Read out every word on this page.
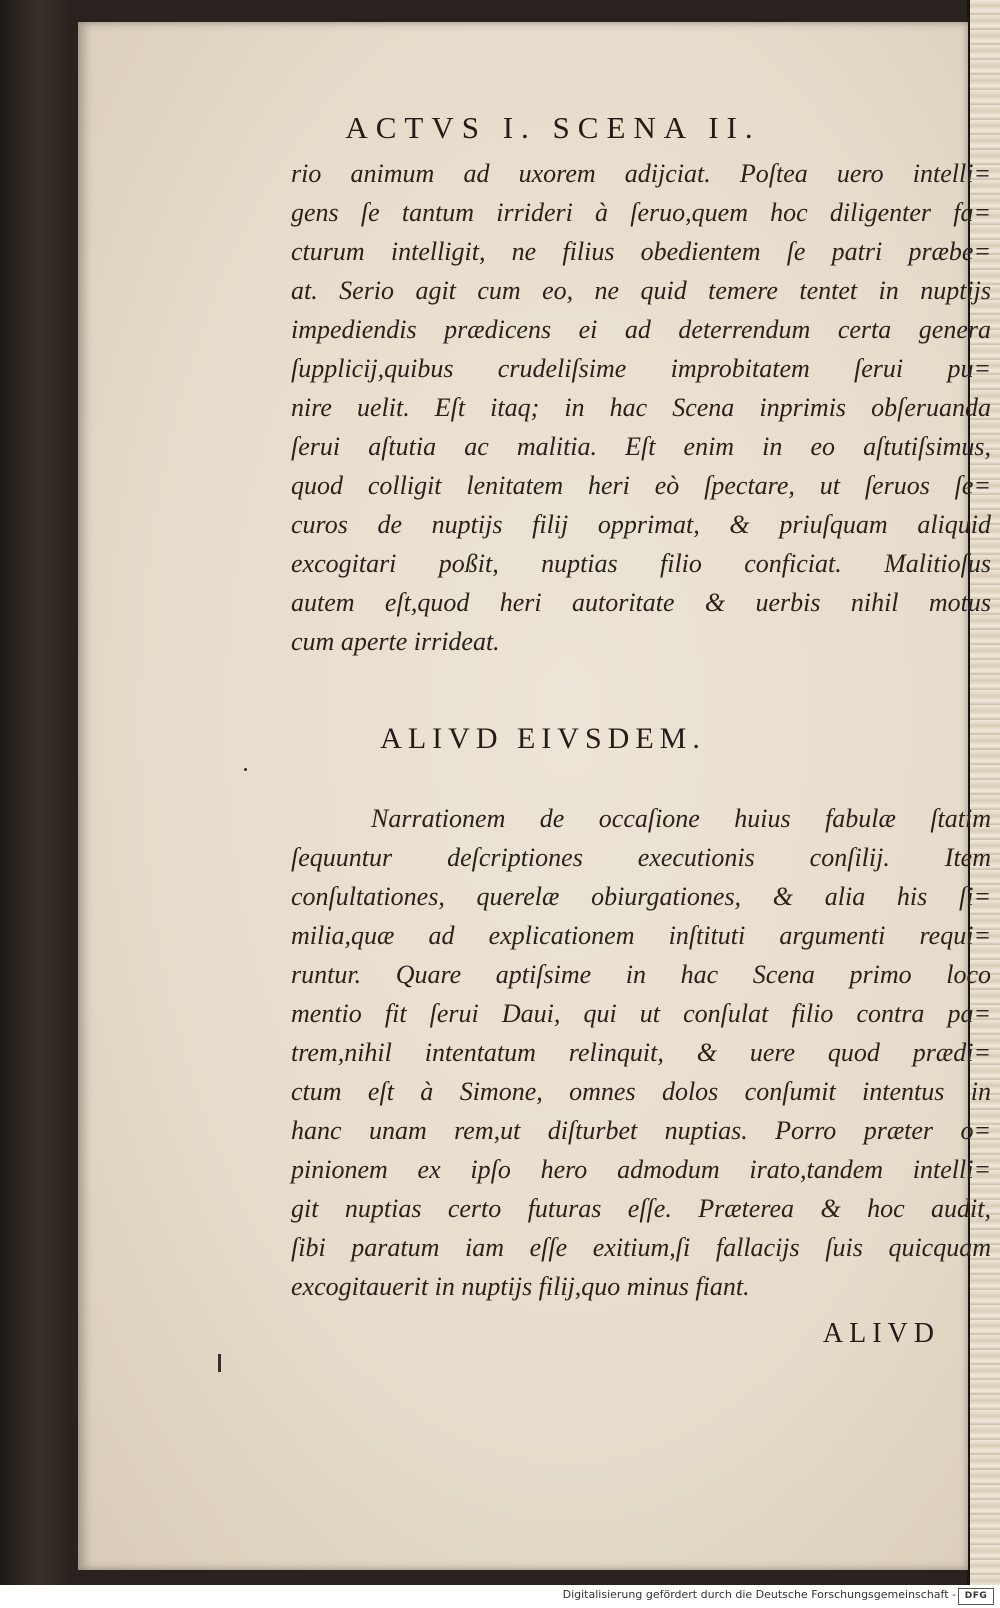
ACTVS I. SCENA II.
rio animum ad uxorem adijciat. Poſtea uero intelli=
gens ſe tantum irrideri à ſeruo,quem hoc diligenter fa=
cturum intelligit, ne filius obedientem ſe patri præbe=
at. Serio agit cum eo, ne quid temere tentet in nuptijs
impediendis prædicens ei ad deterrendum certa genera
ſupplicij,quibus crudeliſsime improbitatem ſerui pu=
nire uelit. Eſt itaq; in hac Scena inprimis obſeruanda
ſerui aſtutia ac malitia. Eſt enim in eo aſtutiſsimus,
quod colligit lenitatem heri eò ſpectare, ut ſeruos ſe=
curos de nuptijs filij opprimat, & priuſquam aliquid
excogitari poßit, nuptias filio conficiat. Malitioſus
autem eſt,quod heri autoritate & uerbis nihil motus
cum aperte irrideat.
ALIVD EIVSDEM.
Narrationem de occaſione huius fabulæ ſtatim
ſequuntur deſcriptiones executionis conſilij. Item
conſultationes, querelæ obiurgationes, & alia his ſi=
milia,quæ ad explicationem inſtituti argumenti requi=
runtur. Quare aptiſsime in hac Scena primo loco
mentio fit ſerui Daui, qui ut conſulat filio contra pa=
trem,nihil intentatum relinquit, & uere quod prædi=
ctum eſt à Simone, omnes dolos conſumit intentus in
hanc unam rem,ut diſturbet nuptias. Porro præter o=
pinionem ex ipſo hero admodum irato,tandem intelli=
git nuptias certo futuras eſſe. Præterea & hoc audit,
ſibi paratum iam eſſe exitium,ſi fallacijs ſuis quicquam
excogitauerit in nuptijs filij,quo minus fiant.
ALIVD
Digitalisierung gefördert durch die Deutsche Forschungsgemeinschaft - DFG
